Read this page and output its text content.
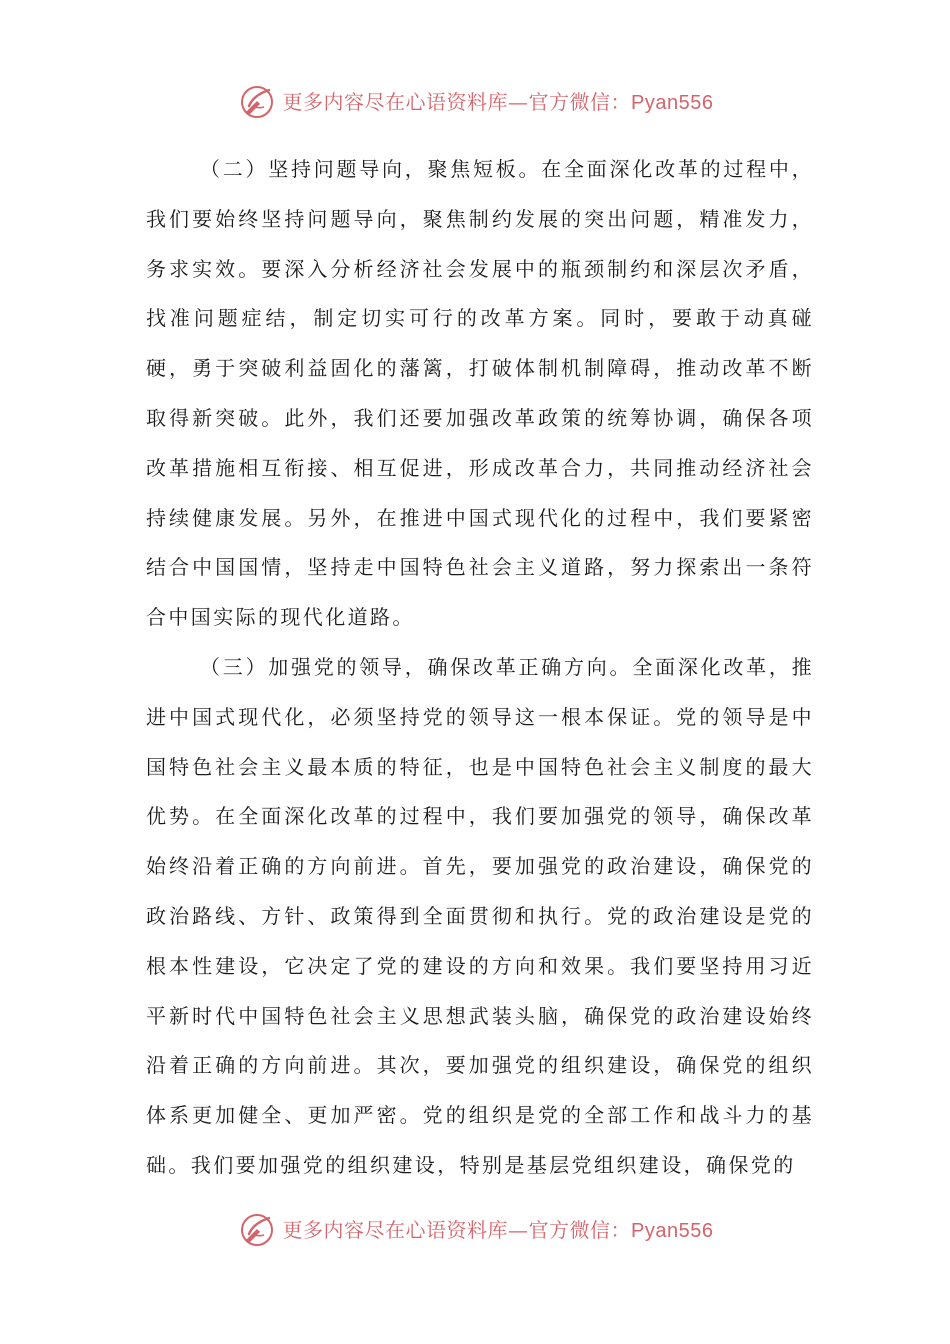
更多内容尽在心语资料库—官方微信：Pyan556

（二）坚持问题导向，聚焦短板。在全面深化改革的过程中，我们要始终坚持问题导向，聚焦制约发展的突出问题，精准发力，务求实效。要深入分析经济社会发展中的瓶颈制约和深层次矛盾，找准问题症结，制定切实可行的改革方案。同时，要敢于动真碰硬，勇于突破利益固化的藩篱，打破体制机制障碍，推动改革不断取得新突破。此外，我们还要加强改革政策的统筹协调，确保各项改革措施相互衔接、相互促进，形成改革合力，共同推动经济社会持续健康发展。另外，在推进中国式现代化的过程中，我们要紧密结合中国国情，坚持走中国特色社会主义道路，努力探索出一条符合中国实际的现代化道路。

（三）加强党的领导，确保改革正确方向。全面深化改革，推进中国式现代化，必须坚持党的领导这一根本保证。党的领导是中国特色社会主义最本质的特征，也是中国特色社会主义制度的最大优势。在全面深化改革的过程中，我们要加强党的领导，确保改革始终沿着正确的方向前进。首先，要加强党的政治建设，确保党的政治路线、方针、政策得到全面贯彻和执行。党的政治建设是党的根本性建设，它决定了党的建设的方向和效果。我们要坚持用习近平新时代中国特色社会主义思想武装头脑，确保党的政治建设始终沿着正确的方向前进。其次，要加强党的组织建设，确保党的组织体系更加健全、更加严密。党的组织是党的全部工作和战斗力的基础。我们要加强党的组织建设，特别是基层党组织建设，确保党的

更多内容尽在心语资料库—官方微信：Pyan556
